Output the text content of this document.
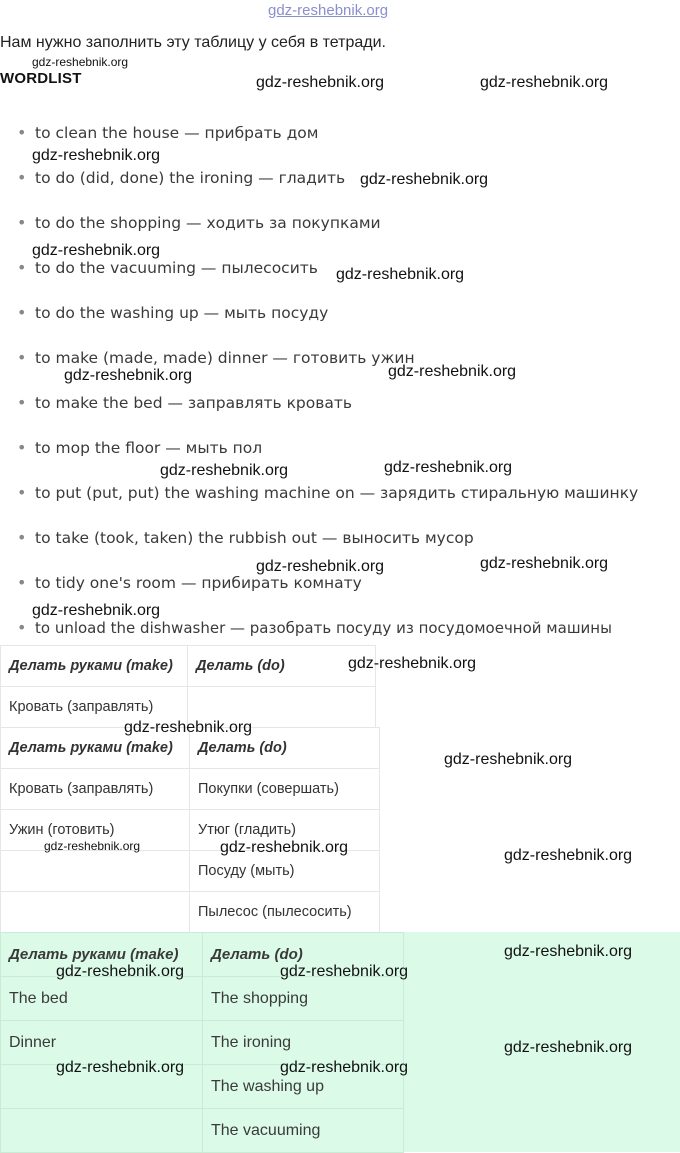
gdz-reshebnik.org
Нам нужно заполнить эту таблицу у себя в тетради.
WORDLIST
• to clean the house — прибрать дом
• to do (did, done) the ironing — гладить
• to do the shopping — ходить за покупками
• to do the vacuuming — пылесосить
• to do the washing up — мыть посуду
• to make (made, made) dinner — готовить ужин
• to make the bed — заправлять кровать
• to mop the floor — мыть пол
• to put (put, put) the washing machine on — зарядить стиральную машинку
• to take (took, taken) the rubbish out — выносить мусор
• to tidy one's room — прибирать комнату
• to unload the dishwasher — разобрать посуду из посудомоечной машины
Делать руками (make)	Делать (do)
Кровать (заправлять)	
Делать руками (make)	Делать (do)
Кровать (заправлять)	Покупки (совершать)
Ужин (готовить)	Утюг (гладить)
	Посуду (мыть)
	Пылесос (пылесосить)
Делать руками (make)	Делать (do)
The bed	The shopping
Dinner	The ironing
	The washing up
	The vacuuming
gdz-reshebnik.org
gdz-reshebnik.org	gdz-reshebnik.org
gdz-reshebnik.org
gdz-reshebnik.org
gdz-reshebnik.org
gdz-reshebnik.org
gdz-reshebnik.org	gdz-reshebnik.org
gdz-reshebnik.org	gdz-reshebnik.org
gdz-reshebnik.org	gdz-reshebnik.org
gdz-reshebnik.org
gdz-reshebnik.org
gdz-reshebnik.org
gdz-reshebnik.org
gdz-reshebnik.org	gdz-reshebnik.org	gdz-reshebnik.org
gdz-reshebnik.org
gdz-reshebnik.org	gdz-reshebnik.org
gdz-reshebnik.org
gdz-reshebnik.org	gdz-reshebnik.org
